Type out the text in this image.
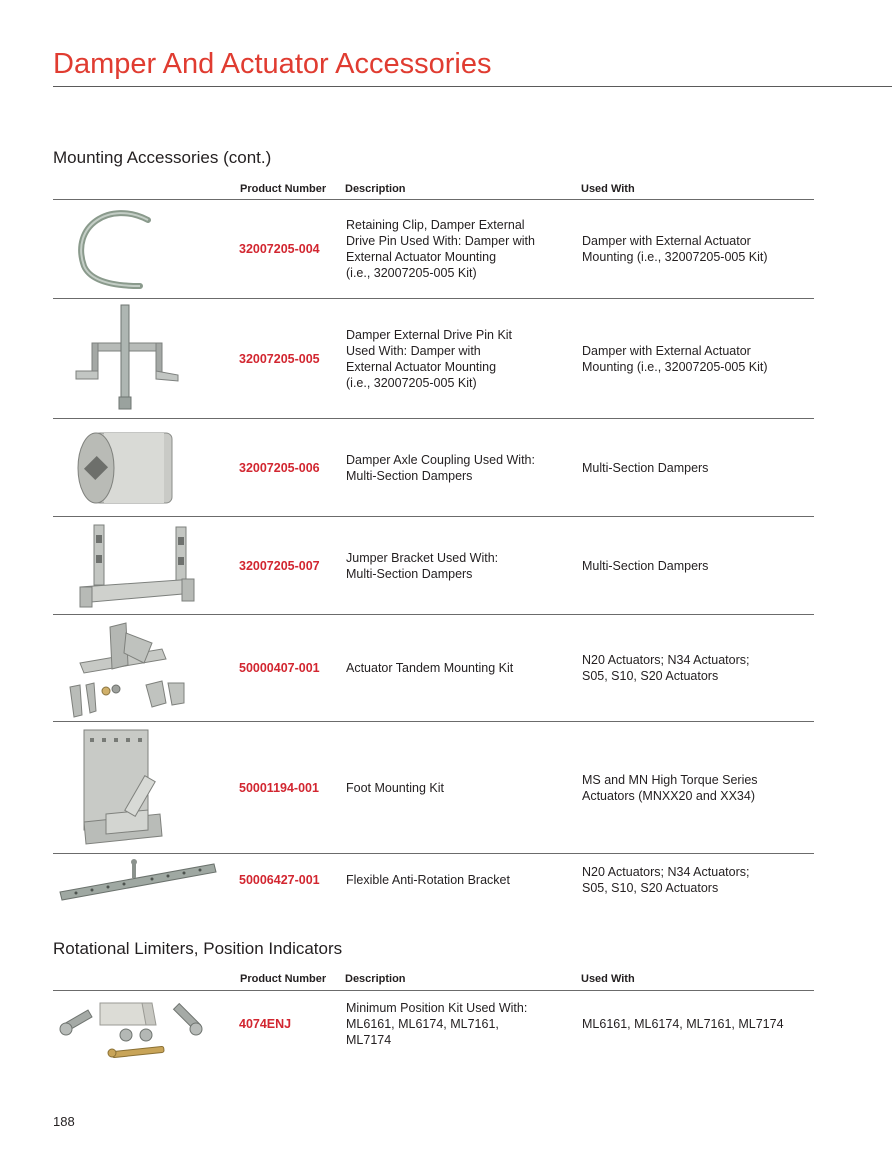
Damper And Actuator Accessories
Mounting Accessories (cont.)
Product Number Description	Used With
32007205-004
Retaining Clip, Damper External
Drive Pin Used With: Damper with
External Actuator Mounting
(i.e., 32007205-005 Kit)
Damper with External Actuator
Mounting (i.e., 32007205-005 Kit)
32007205-005
Damper External Drive Pin Kit
Used With: Damper with
External Actuator Mounting
(i.e., 32007205-005 Kit)
Damper with External Actuator
Mounting (i.e., 32007205-005 Kit)
32007205-006
Damper Axle Coupling Used With:
Multi-Section Dampers
Multi-Section Dampers
32007205-007
Jumper Bracket Used With:
Multi-Section Dampers
Multi-Section Dampers
50000407-001 Actuator Tandem Mounting Kit
N20 Actuators; N34 Actuators;
S05, S10, S20 Actuators
50001194-001 Foot Mounting Kit
MS and MN High Torque Series
Actuators (MNXX20 and XX34)
50006427-001 Flexible Anti-Rotation Bracket
N20 Actuators; N34 Actuators;
S05, S10, S20 Actuators
Rotational Limiters, Position Indicators
Product Number Description	Used With
4074ENJ
Minimum Position Kit Used With:
ML6161, ML6174, ML7161,
ML7174
ML6161, ML6174, ML7161, ML7174
188
